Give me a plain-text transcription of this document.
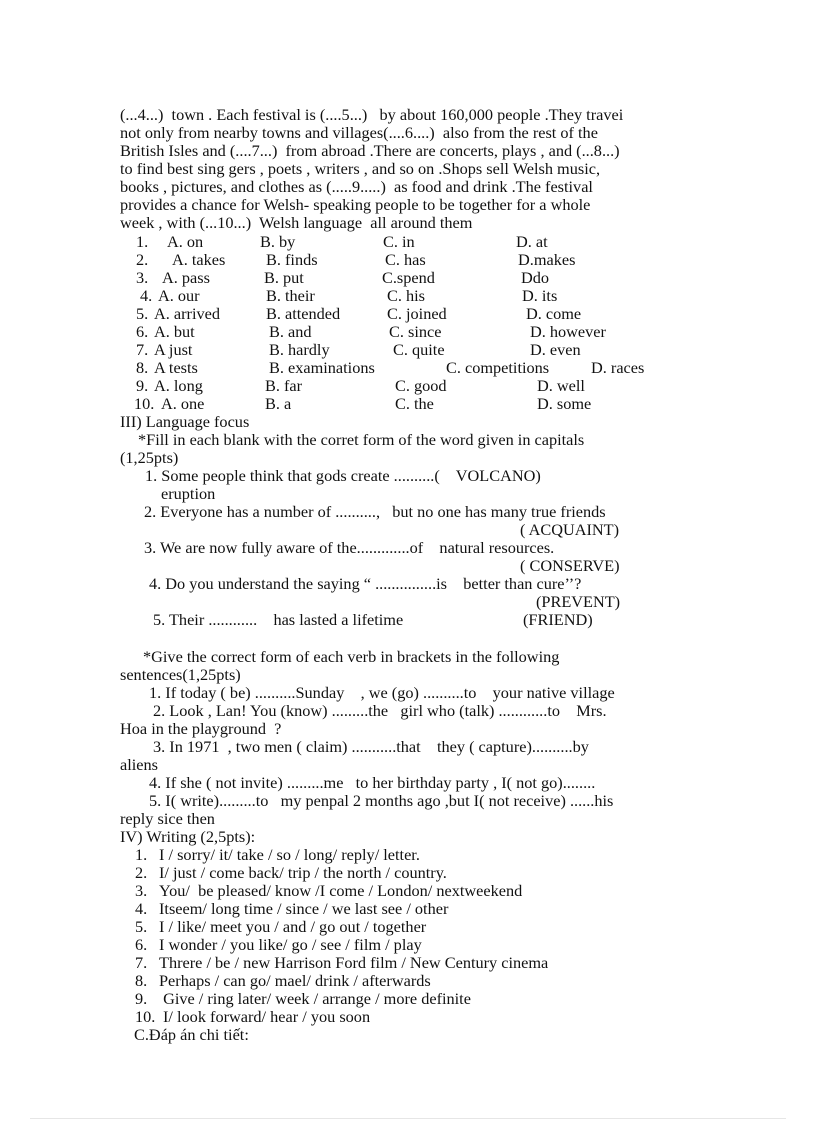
(...4...)  town . Each festival is (....5...)   by about 160,000 people .They travei
not only from nearby towns and villages(....6....)  also from the rest of the
British Isles and (....7...)  from abroad .There are concerts, plays , and (...8...)
to find best sing gers , poets , writers , and so on .Shops sell Welsh music,
books , pictures, and clothes as (.....9.....)  as food and drink .The festival
provides a chance for Welsh- speaking people to be together for a whole
week , with (...10...)  Welsh language  all around them
1. A. on	B. by	C. in	D. at
2. A. takes B. finds	C. has	D.makes
3. A. pass	B. put	C.spend	Ddo
4. A. our	B. their	C. his	D. its
5. A. arrived	B. attended	C. joined	D. come
6. A. but	B. and	C. since	D. however
7. A just	B. hardly	C. quite	D. even
8. A tests	B. examinations	C. competitions	D. races
9. A. long	B. far	C. good	D. well
10. A. one	B. a	C. the	D. some
III) Language focus
*Fill in each blank with the corret form of the word given in capitals
(1,25pts)
1. Some people think that gods create ..........(    VOLCANO)
eruption
2. Everyone has a number of ..........,   but no one has many true friends
( ACQUAINT)
3. We are now fully aware of the.............of    natural resources.
( CONSERVE)
4. Do you understand the saying “ ...............is    better than cure’’?
(PREVENT)
5. Their ............    has lasted a lifetime	(FRIEND)
*Give the correct form of each verb in brackets in the following
sentences(1,25pts)
1. If today ( be) ..........Sunday    , we (go) ..........to    your native village
2. Look , Lan! You (know) .........the   girl who (talk) ............to    Mrs.
Hoa in the playground  ?
3. In 1971  , two men ( claim) ...........that    they ( capture)..........by
aliens
4. If she ( not invite) .........me   to her birthday party , I( not go)........
5. I( write).........to   my penpal 2 months ago ,but I( not receive) ......his
reply sice then
IV) Writing (2,5pts):
1. I / sorry/ it/ take / so / long/ reply/ letter.
2. I/ just / come back/ trip / the north / country.
3. You/  be pleased/ know /I come / London/ nextweekend
4. Itseem/ long time / since / we last see / other
5. I / like/ meet you / and / go out / together
6. I wonder / you like/ go / see / film / play
7. Threre / be / new Harrison Ford film / New Century cinema
8. Perhaps / can go/ mael/ drink / afterwards
9. Give / ring later/ week / arrange / more definite
10. I/ look forward/ hear / you soon
C.Đáp án chi tiết:
